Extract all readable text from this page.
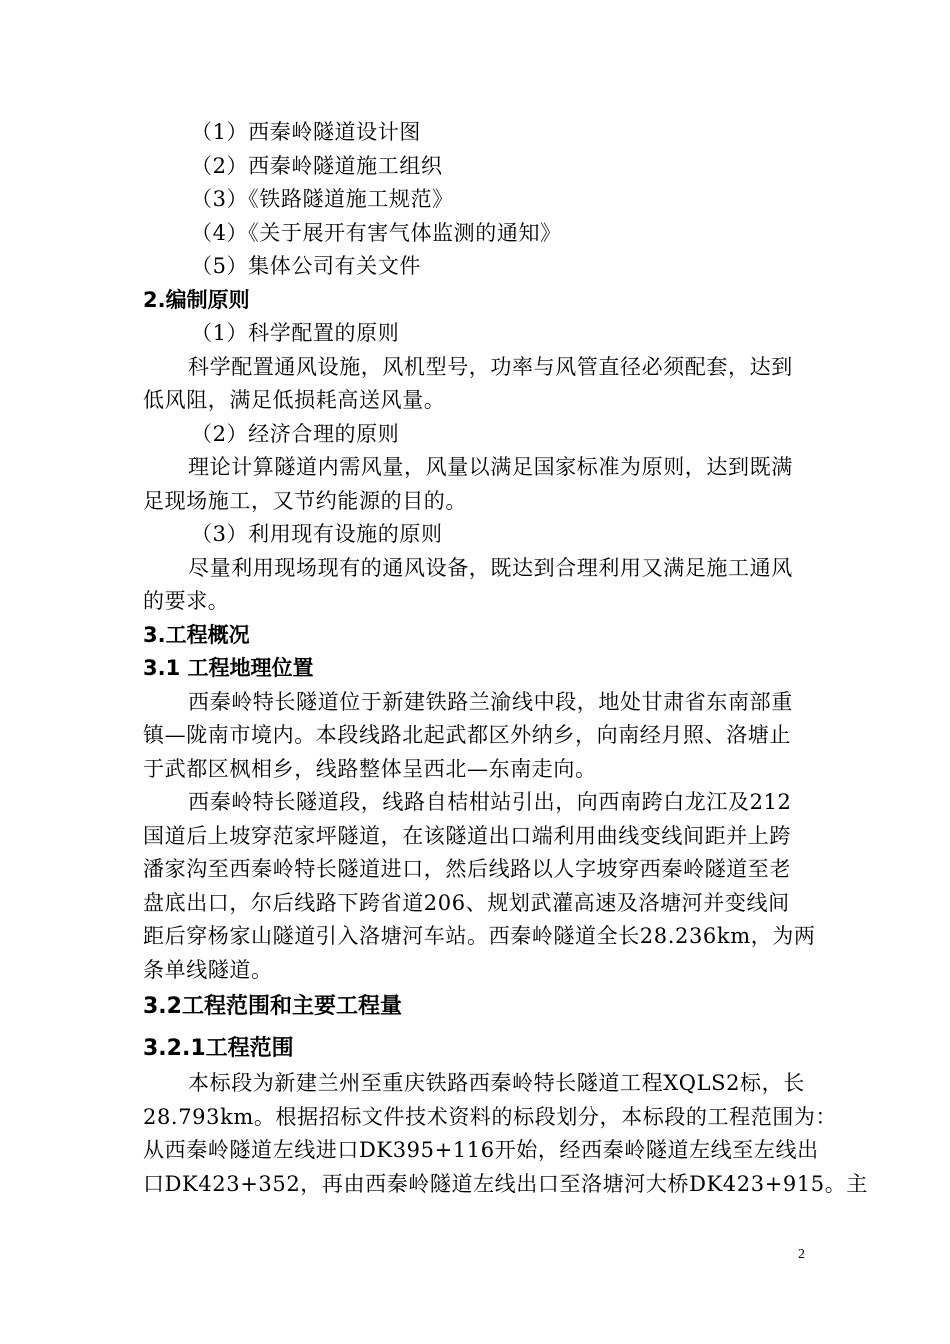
（1）西秦岭隧道设计图
（2）西秦岭隧道施工组织
（3）《铁路隧道施工规范》
（4）《关于展开有害气体监测的通知》
（5）集体公司有关文件
2.编制原则
（1）科学配置的原则
科学配置通风设施，风机型号，功率与风管直径必须配套，达到
低风阻，满足低损耗高送风量。
（2）经济合理的原则
理论计算隧道内需风量，风量以满足国家标准为原则，达到既满
足现场施工，又节约能源的目的。
（3）利用现有设施的原则
尽量利用现场现有的通风设备，既达到合理利用又满足施工通风
的要求。
3.工程概况
3.1 工程地理位置
西秦岭特长隧道位于新建铁路兰渝线中段，地处甘肃省东南部重
镇—陇南市境内。本段线路北起武都区外纳乡，向南经月照、洛塘止
于武都区枫相乡，线路整体呈西北—东南走向。
西秦岭特长隧道段，线路自桔柑站引出，向西南跨白龙江及212
国道后上坡穿范家坪隧道，在该隧道出口端利用曲线变线间距并上跨
潘家沟至西秦岭特长隧道进口，然后线路以人字坡穿西秦岭隧道至老
盘底出口，尔后线路下跨省道206、规划武灌高速及洛塘河并变线间
距后穿杨家山隧道引入洛塘河车站。西秦岭隧道全长28.236km，为两
条单线隧道。
3.2工程范围和主要工程量
3.2.1工程范围
本标段为新建兰州至重庆铁路西秦岭特长隧道工程XQLS2标，长
28.793km。根据招标文件技术资料的标段划分，本标段的工程范围为：
从西秦岭隧道左线进口DK395+116开始，经西秦岭隧道左线至左线出
口DK423+352，再由西秦岭隧道左线出口至洛塘河大桥DK423+915。主
2
